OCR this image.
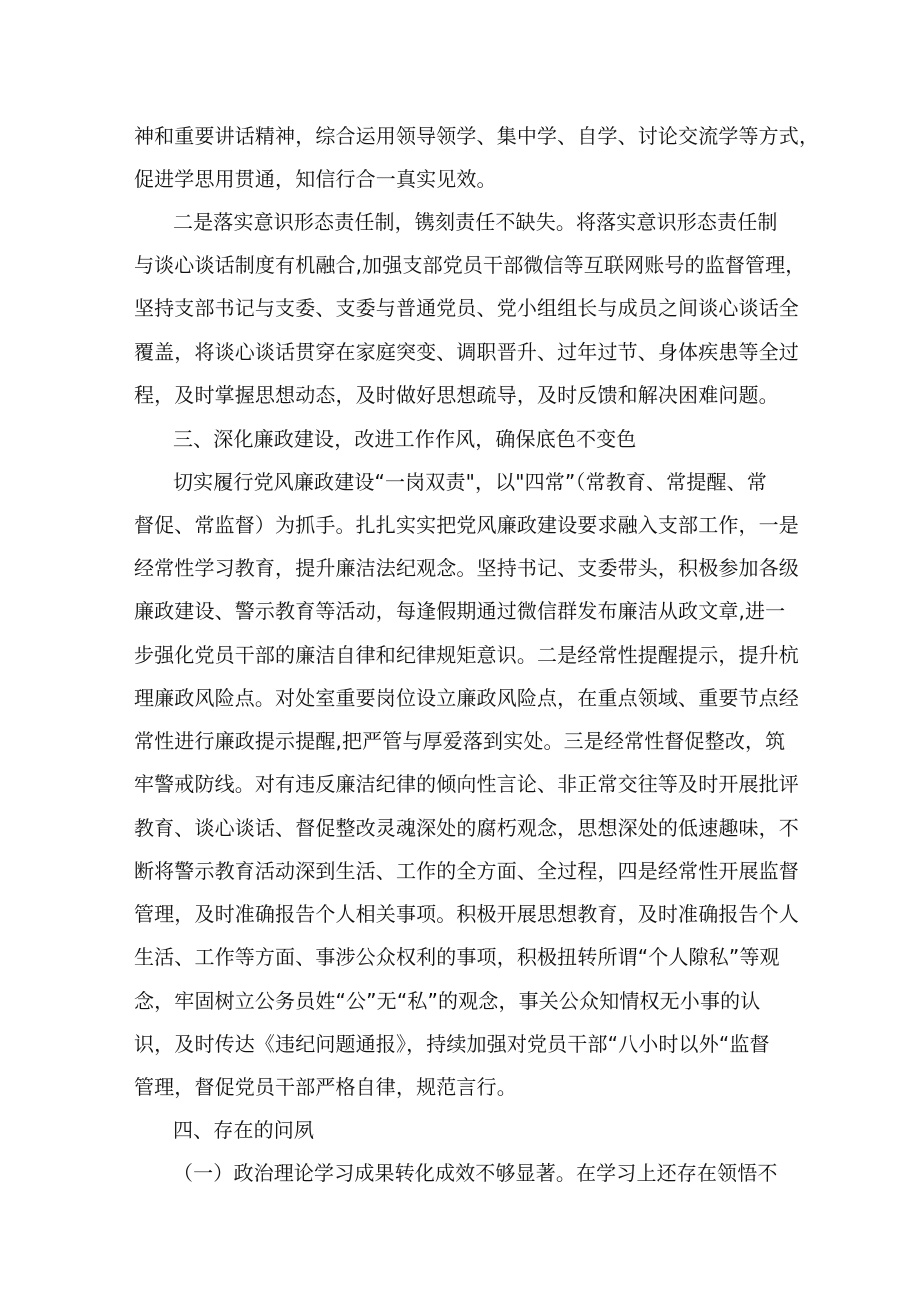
神和重要讲话精神，综合运用领导领学、集中学、自学、讨论交流学等方式，
促进学思用贯通，知信行合一真实见效。
二是落实意识形态责任制，镌刻责任不缺失。将落实意识形态责任制
与谈心谈话制度有机融合,加强支部党员干部微信等互联网账号的监督管理，
坚持支部书记与支委、支委与普通党员、党小组组长与成员之间谈心谈话全
覆盖，将谈心谈话贯穿在家庭突变、调职晋升、过年过节、身体疾患等全过
程，及时掌握思想动态，及时做好思想疏导，及时反馈和解决困难问题。
三、深化廉政建设，改进工作作风，确保底色不变色
切实履行党风廉政建设“一岗双责"，以"四常”（常教育、常提醒、常
督促、常监督）为抓手。扎扎实实把党风廉政建设要求融入支部工作，一是
经常性学习教育，提升廉洁法纪观念。坚持书记、支委带头，积极参加各级
廉政建设、警示教育等活动，每逢假期通过微信群发布廉洁从政文章,进一
步强化党员干部的廉洁自律和纪律规矩意识。二是经常性提醒提示，提升杭
理廉政风险点。对处室重要岗位设立廉政风险点，在重点领域、重要节点经
常性进行廉政提示提醒,把严管与厚爱落到实处。三是经常性督促整改，筑
牢警戒防线。对有违反廉洁纪律的倾向性言论、非正常交往等及时开展批评
教育、谈心谈话、督促整改灵魂深处的腐朽观念，思想深处的低速趣味，不
断将警示教育活动深到生活、工作的全方面、全过程，四是经常性开展监督
管理，及时准确报告个人相关事项。积极开展思想教育，及时准确报告个人
生活、工作等方面、事涉公众权利的事项，积极扭转所谓“个人隙私”等观
念，牢固树立公务员姓“公”无“私”的观念，事关公众知情权无小事的认
识，及时传达《违纪问题通报》，持续加强对党员干部“八小时以外“监督
管理，督促党员干部严格自律，规范言行。
四、存在的问夙
（一）政治理论学习成果转化成效不够显著。在学习上还存在领悟不
